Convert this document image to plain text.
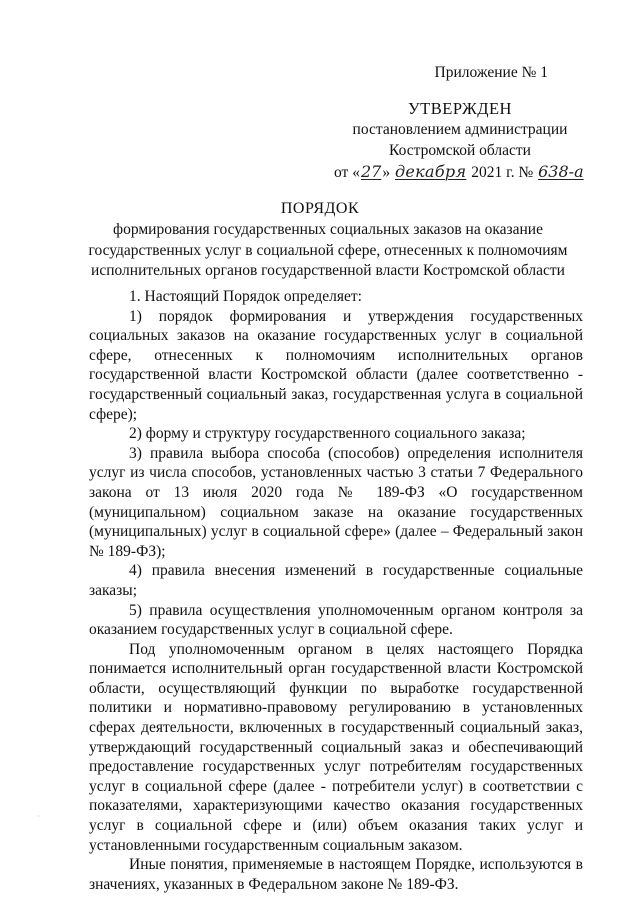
Приложение № 1
УТВЕРЖДЕН
постановлением администрации
Костромской области
от «27» декабря 2021 г. № 638-а
ПОРЯДОК
формирования государственных социальных заказов на оказание
государственных услуг в социальной сфере, отнесенных к полномочиям
исполнительных органов государственной власти Костромской области

1. Настоящий Порядок определяет:

1) порядок формирования и утверждения государственных социальных заказов на оказание государственных услуг в социальной сфере, отнесенных к полномочиям исполнительных органов государственной власти Костромской области (далее соответственно - государственный социальный заказ, государственная услуга в социальной сфере);

2) форму и структуру государственного социального заказа;

3) правила выбора способа (способов) определения исполнителя услуг из числа способов, установленных частью 3 статьи 7 Федерального закона от 13 июля 2020 года № 189-ФЗ «О государственном (муниципальном) социальном заказе на оказание государственных (муниципальных) услуг в социальной сфере» (далее – Федеральный закон № 189-ФЗ);

4) правила внесения изменений в государственные социальные заказы;

5) правила осуществления уполномоченным органом контроля за оказанием государственных услуг в социальной сфере.

Под уполномоченным органом в целях настоящего Порядка понимается исполнительный орган государственной власти Костромской области, осуществляющий функции по выработке государственной политики и нормативно-правовому регулированию в установленных сферах деятельности, включенных в государственный социальный заказ, утверждающий государственный социальный заказ и обеспечивающий предоставление государственных услуг потребителям государственных услуг в социальной сфере (далее - потребители услуг) в соответствии с показателями, характеризующими качество оказания государственных услуг в социальной сфере и (или) объем оказания таких услуг и установленными государственным социальным заказом.

Иные понятия, применяемые в настоящем Порядке, используются в значениях, указанных в Федеральном законе № 189-ФЗ.

·
